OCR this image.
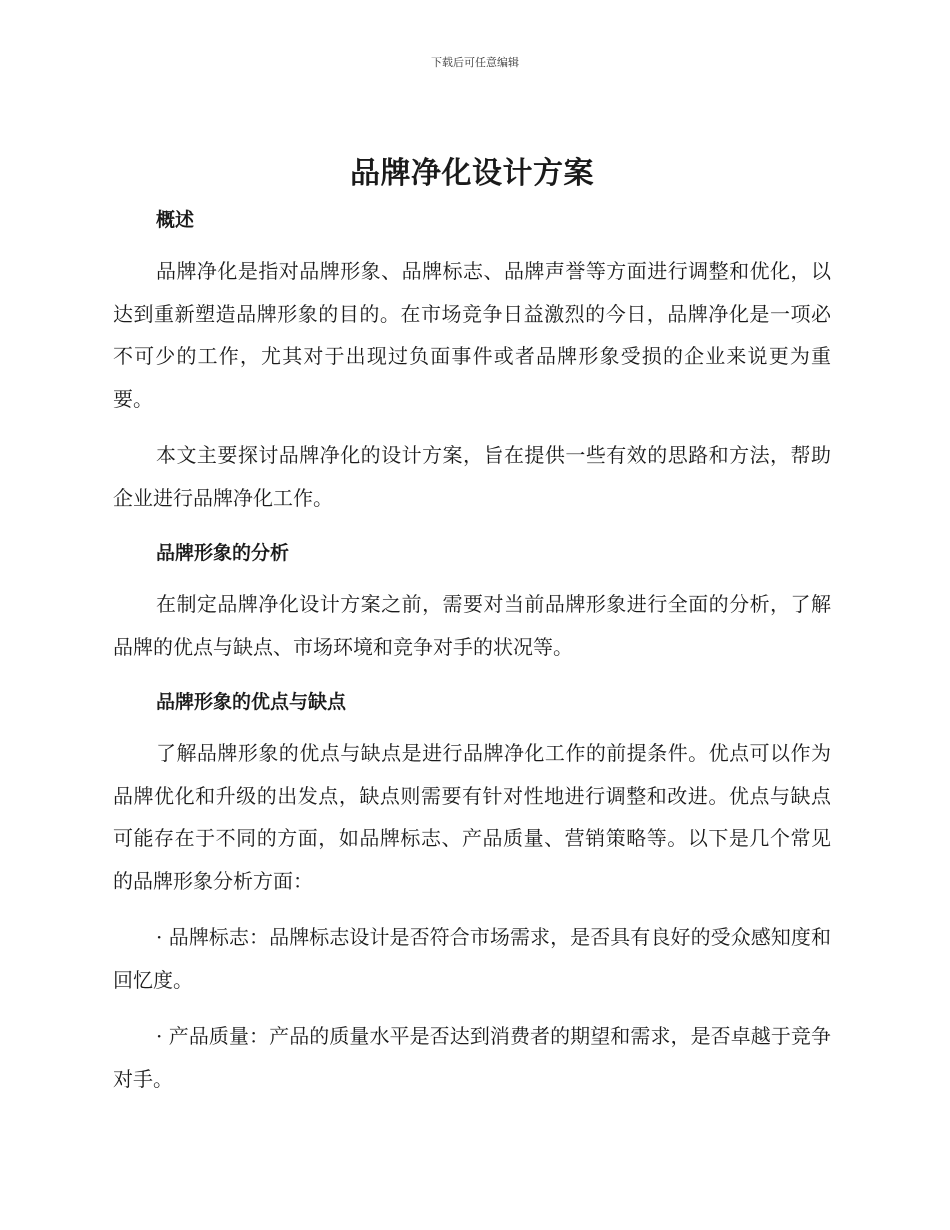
下载后可任意编辑
品牌净化设计方案
概述

品牌净化是指对品牌形象、品牌标志、品牌声誉等方面进行调整和优化，以达到重新塑造品牌形象的目的。在市场竞争日益激烈的今日，品牌净化是一项必不可少的工作，尤其对于出现过负面事件或者品牌形象受损的企业来说更为重要。

本文主要探讨品牌净化的设计方案，旨在提供一些有效的思路和方法，帮助企业进行品牌净化工作。

品牌形象的分析

在制定品牌净化设计方案之前，需要对当前品牌形象进行全面的分析，了解品牌的优点与缺点、市场环境和竞争对手的状况等。

品牌形象的优点与缺点

了解品牌形象的优点与缺点是进行品牌净化工作的前提条件。优点可以作为品牌优化和升级的出发点，缺点则需要有针对性地进行调整和改进。优点与缺点可能存在于不同的方面，如品牌标志、产品质量、营销策略等。以下是几个常见的品牌形象分析方面：

· 品牌标志：品牌标志设计是否符合市场需求，是否具有良好的受众感知度和回忆度。

· 产品质量：产品的质量水平是否达到消费者的期望和需求，是否卓越于竞争对手。
